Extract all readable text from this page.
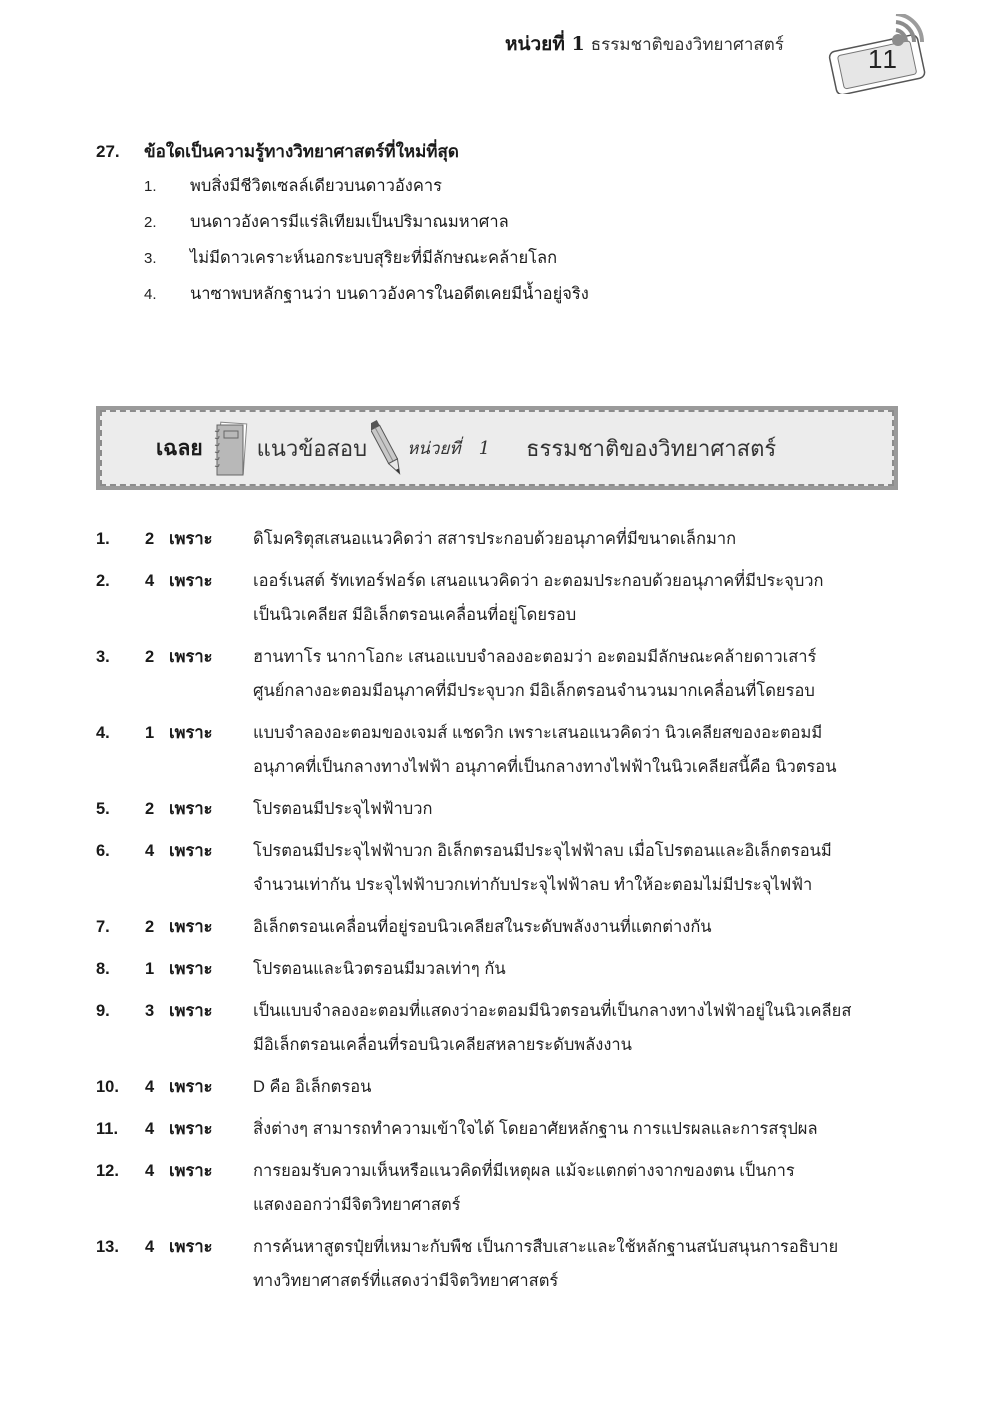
หน่วยที่ 1 ธรรมชาติของวิทยาศาสตร์	11
27.	ข้อใดเป็นความรู้ทางวิทยาศาสตร์ที่ใหม่ที่สุด
1.	พบสิ่งมีชีวิตเซลล์เดียวบนดาวอังคาร
2.	บนดาวอังคารมีแร่ลิเทียมเป็นปริมาณมหาศาล
3.	ไม่มีดาวเคราะห์นอกระบบสุริยะที่มีลักษณะคล้ายโลก
4.	นาซาพบหลักฐานว่า บนดาวอังคารในอดีตเคยมีน้ำอยู่จริง
เฉลย แนวข้อสอบ หน่วยที่ 1 ธรรมชาติของวิทยาศาสตร์
1.	2 เพราะ	ดิโมคริตุสเสนอแนวคิดว่า สสารประกอบด้วยอนุภาคที่มีขนาดเล็กมาก
2.	4 เพราะ	เออร์เนสต์ รัทเทอร์ฟอร์ด เสนอแนวคิดว่า อะตอมประกอบด้วยอนุภาคที่มีประจุบวก
เป็นนิวเคลียส มีอิเล็กตรอนเคลื่อนที่อยู่โดยรอบ
3.	2 เพราะ	ฮานทาโร นากาโอกะ เสนอแบบจำลองอะตอมว่า อะตอมมีลักษณะคล้ายดาวเสาร์
ศูนย์กลางอะตอมมีอนุภาคที่มีประจุบวก มีอิเล็กตรอนจำนวนมากเคลื่อนที่โดยรอบ
4.	1 เพราะ	แบบจำลองอะตอมของเจมส์ แชดวิก เพราะเสนอแนวคิดว่า นิวเคลียสของอะตอมมี
อนุภาคที่เป็นกลางทางไฟฟ้า อนุภาคที่เป็นกลางทางไฟฟ้าในนิวเคลียสนี้คือ นิวตรอน
5.	2 เพราะ	โปรตอนมีประจุไฟฟ้าบวก
6.	4 เพราะ	โปรตอนมีประจุไฟฟ้าบวก อิเล็กตรอนมีประจุไฟฟ้าลบ เมื่อโปรตอนและอิเล็กตรอนมี
จำนวนเท่ากัน ประจุไฟฟ้าบวกเท่ากับประจุไฟฟ้าลบ ทำให้อะตอมไม่มีประจุไฟฟ้า
7.	2 เพราะ	อิเล็กตรอนเคลื่อนที่อยู่รอบนิวเคลียสในระดับพลังงานที่แตกต่างกัน
8.	1 เพราะ	โปรตอนและนิวตรอนมีมวลเท่าๆ กัน
9.	3 เพราะ	เป็นแบบจำลองอะตอมที่แสดงว่าอะตอมมีนิวตรอนที่เป็นกลางทางไฟฟ้าอยู่ในนิวเคลียส
มีอิเล็กตรอนเคลื่อนที่รอบนิวเคลียสหลายระดับพลังงาน
10.	4 เพราะ	D คือ อิเล็กตรอน
11.	4 เพราะ	สิ่งต่างๆ สามารถทำความเข้าใจได้ โดยอาศัยหลักฐาน การแปรผลและการสรุปผล
12.	4 เพราะ	การยอมรับความเห็นหรือแนวคิดที่มีเหตุผล แม้จะแตกต่างจากของตน เป็นการ
แสดงออกว่ามีจิตวิทยาศาสตร์
13.	4 เพราะ	การค้นหาสูตรปุ๋ยที่เหมาะกับพืช เป็นการสืบเสาะและใช้หลักฐานสนับสนุนการอธิบาย
ทางวิทยาศาสตร์ที่แสดงว่ามีจิตวิทยาศาสตร์
